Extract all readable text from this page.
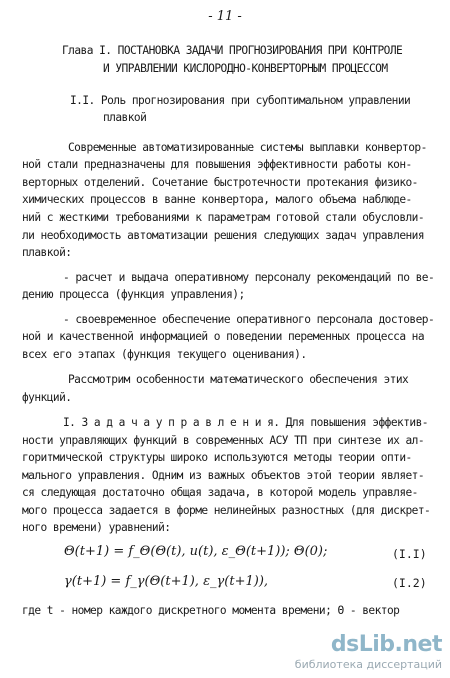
- 11 -
Глава I. ПОСТАНОВКА ЗАДАЧИ ПРОГНОЗИРОВАНИЯ ПРИ КОНТРОЛЕ
И УПРАВЛЕНИИ КИСЛОРОДНО-КОНВЕРТОРНЫМ ПРОЦЕССОМ
I.I. Роль прогнозирования при субоптимальном управлении
плавкой
Современные автоматизированные системы выплавки конвертор-
ной стали предназначены для повышения эффективности работы кон-
верторных отделений. Сочетание быстротечности протекания физико-
химических процессов в ванне конвертора, малого объема наблюде-
ний с жесткими требованиями к параметрам готовой стали обусловли-
ли необходимость автоматизации решения следующих задач управления
плавкой:
- расчет и выдача оперативному персоналу рекомендаций по ве-
дению процесса (функция управления);
- своевременное обеспечение оперативного персонала достовер-
ной и качественной информацией о поведении переменных процесса на
всех его этапах (функция текущего оценивания).
Рассмотрим особенности математического обеспечения этих
функций.
I. З а д а ч а у п р а в л е н и я. Для повышения эффектив-
ности управляющих функций в современных АСУ ТП при синтезе их ал-
горитмической структуры широко используются методы теории опти-
мального управления. Одним из важных объектов этой теории являет-
ся следующая достаточно общая задача, в которой модель управляе-
мого процесса задается в форме нелинейных разностных (для дискрет-
ного времени) уравнений:
Θ(t+1) = f_Θ(Θ(t), u(t), ε_Θ(t+1)); Θ(0);	(I.I)
γ(t+1) = f_γ(Θ(t+1), ε_γ(t+1)),	(I.2)
где t - номер каждого дискретного момента времени; Θ - вектор
dsLib.net
библиотека диссертаций
